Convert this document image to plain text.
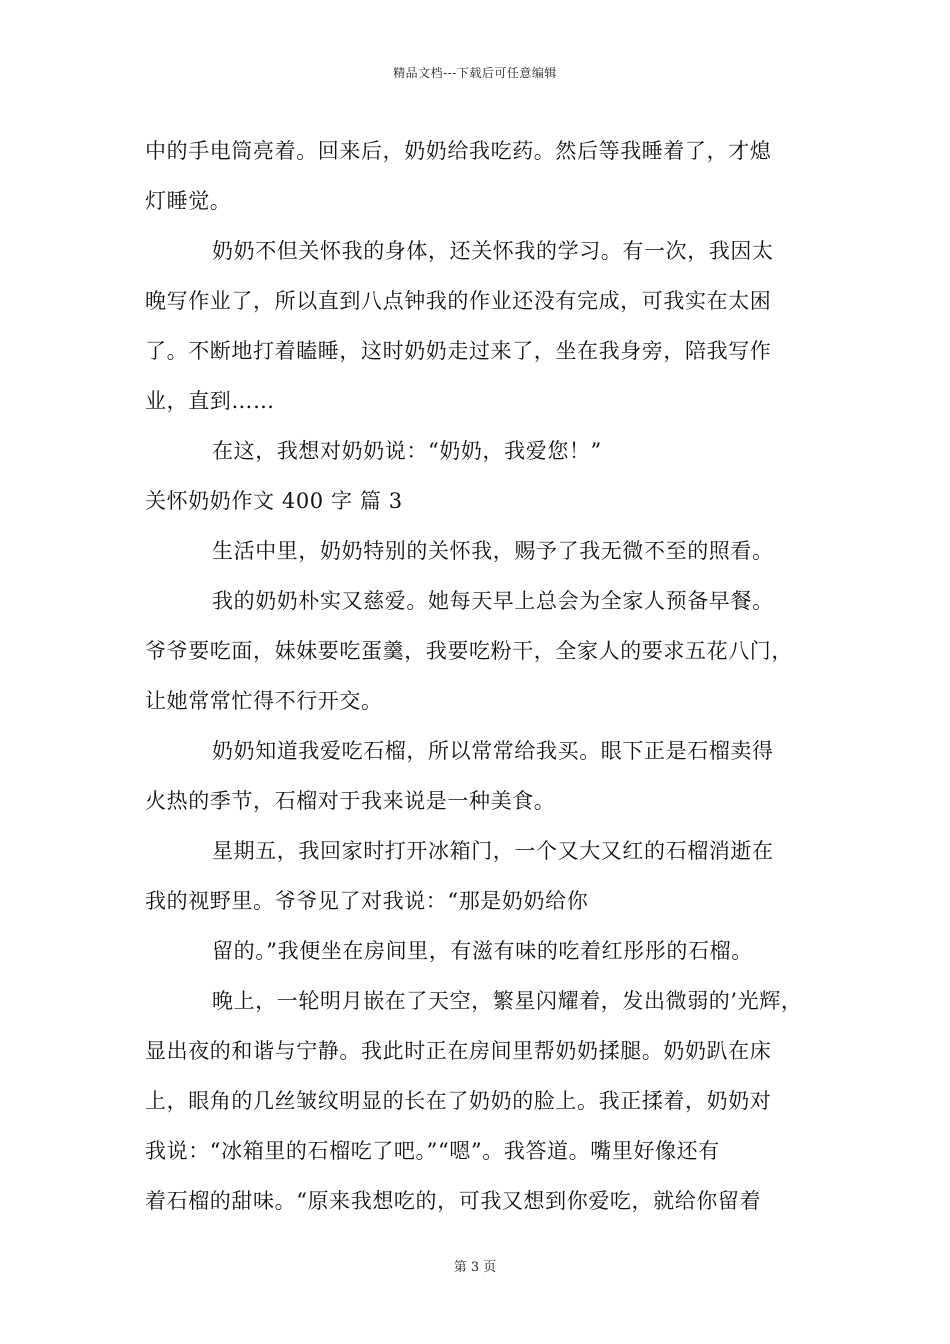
精品文档---下载后可任意编辑
中的手电筒亮着。回来后，奶奶给我吃药。然后等我睡着了，才熄
灯睡觉。
奶奶不但关怀我的身体，还关怀我的学习。有一次，我因太
晚写作业了，所以直到八点钟我的作业还没有完成，可我实在太困
了。不断地打着瞌睡，这时奶奶走过来了，坐在我身旁，陪我写作
业，直到……
在这，我想对奶奶说：“奶奶，我爱您！”
关怀奶奶作文 400 字 篇 3
生活中里，奶奶特别的关怀我，赐予了我无微不至的照看。
我的奶奶朴实又慈爱。她每天早上总会为全家人预备早餐。
爷爷要吃面，妹妹要吃蛋羹，我要吃粉干，全家人的要求五花八门，
让她常常忙得不行开交。
奶奶知道我爱吃石榴，所以常常给我买。眼下正是石榴卖得
火热的季节，石榴对于我来说是一种美食。
星期五，我回家时打开冰箱门，一个又大又红的石榴消逝在
我的视野里。爷爷见了对我说：“那是奶奶给你
留的。”我便坐在房间里，有滋有味的吃着红彤彤的石榴。
晚上，一轮明月嵌在了天空，繁星闪耀着，发出微弱的’光辉，
显出夜的和谐与宁静。我此时正在房间里帮奶奶揉腿。奶奶趴在床
上，眼角的几丝皱纹明显的长在了奶奶的脸上。我正揉着，奶奶对
我说：“冰箱里的石榴吃了吧。”“嗯”。我答道。嘴里好像还有
着石榴的甜味。“原来我想吃的，可我又想到你爱吃，就给你留着
第 3 页
